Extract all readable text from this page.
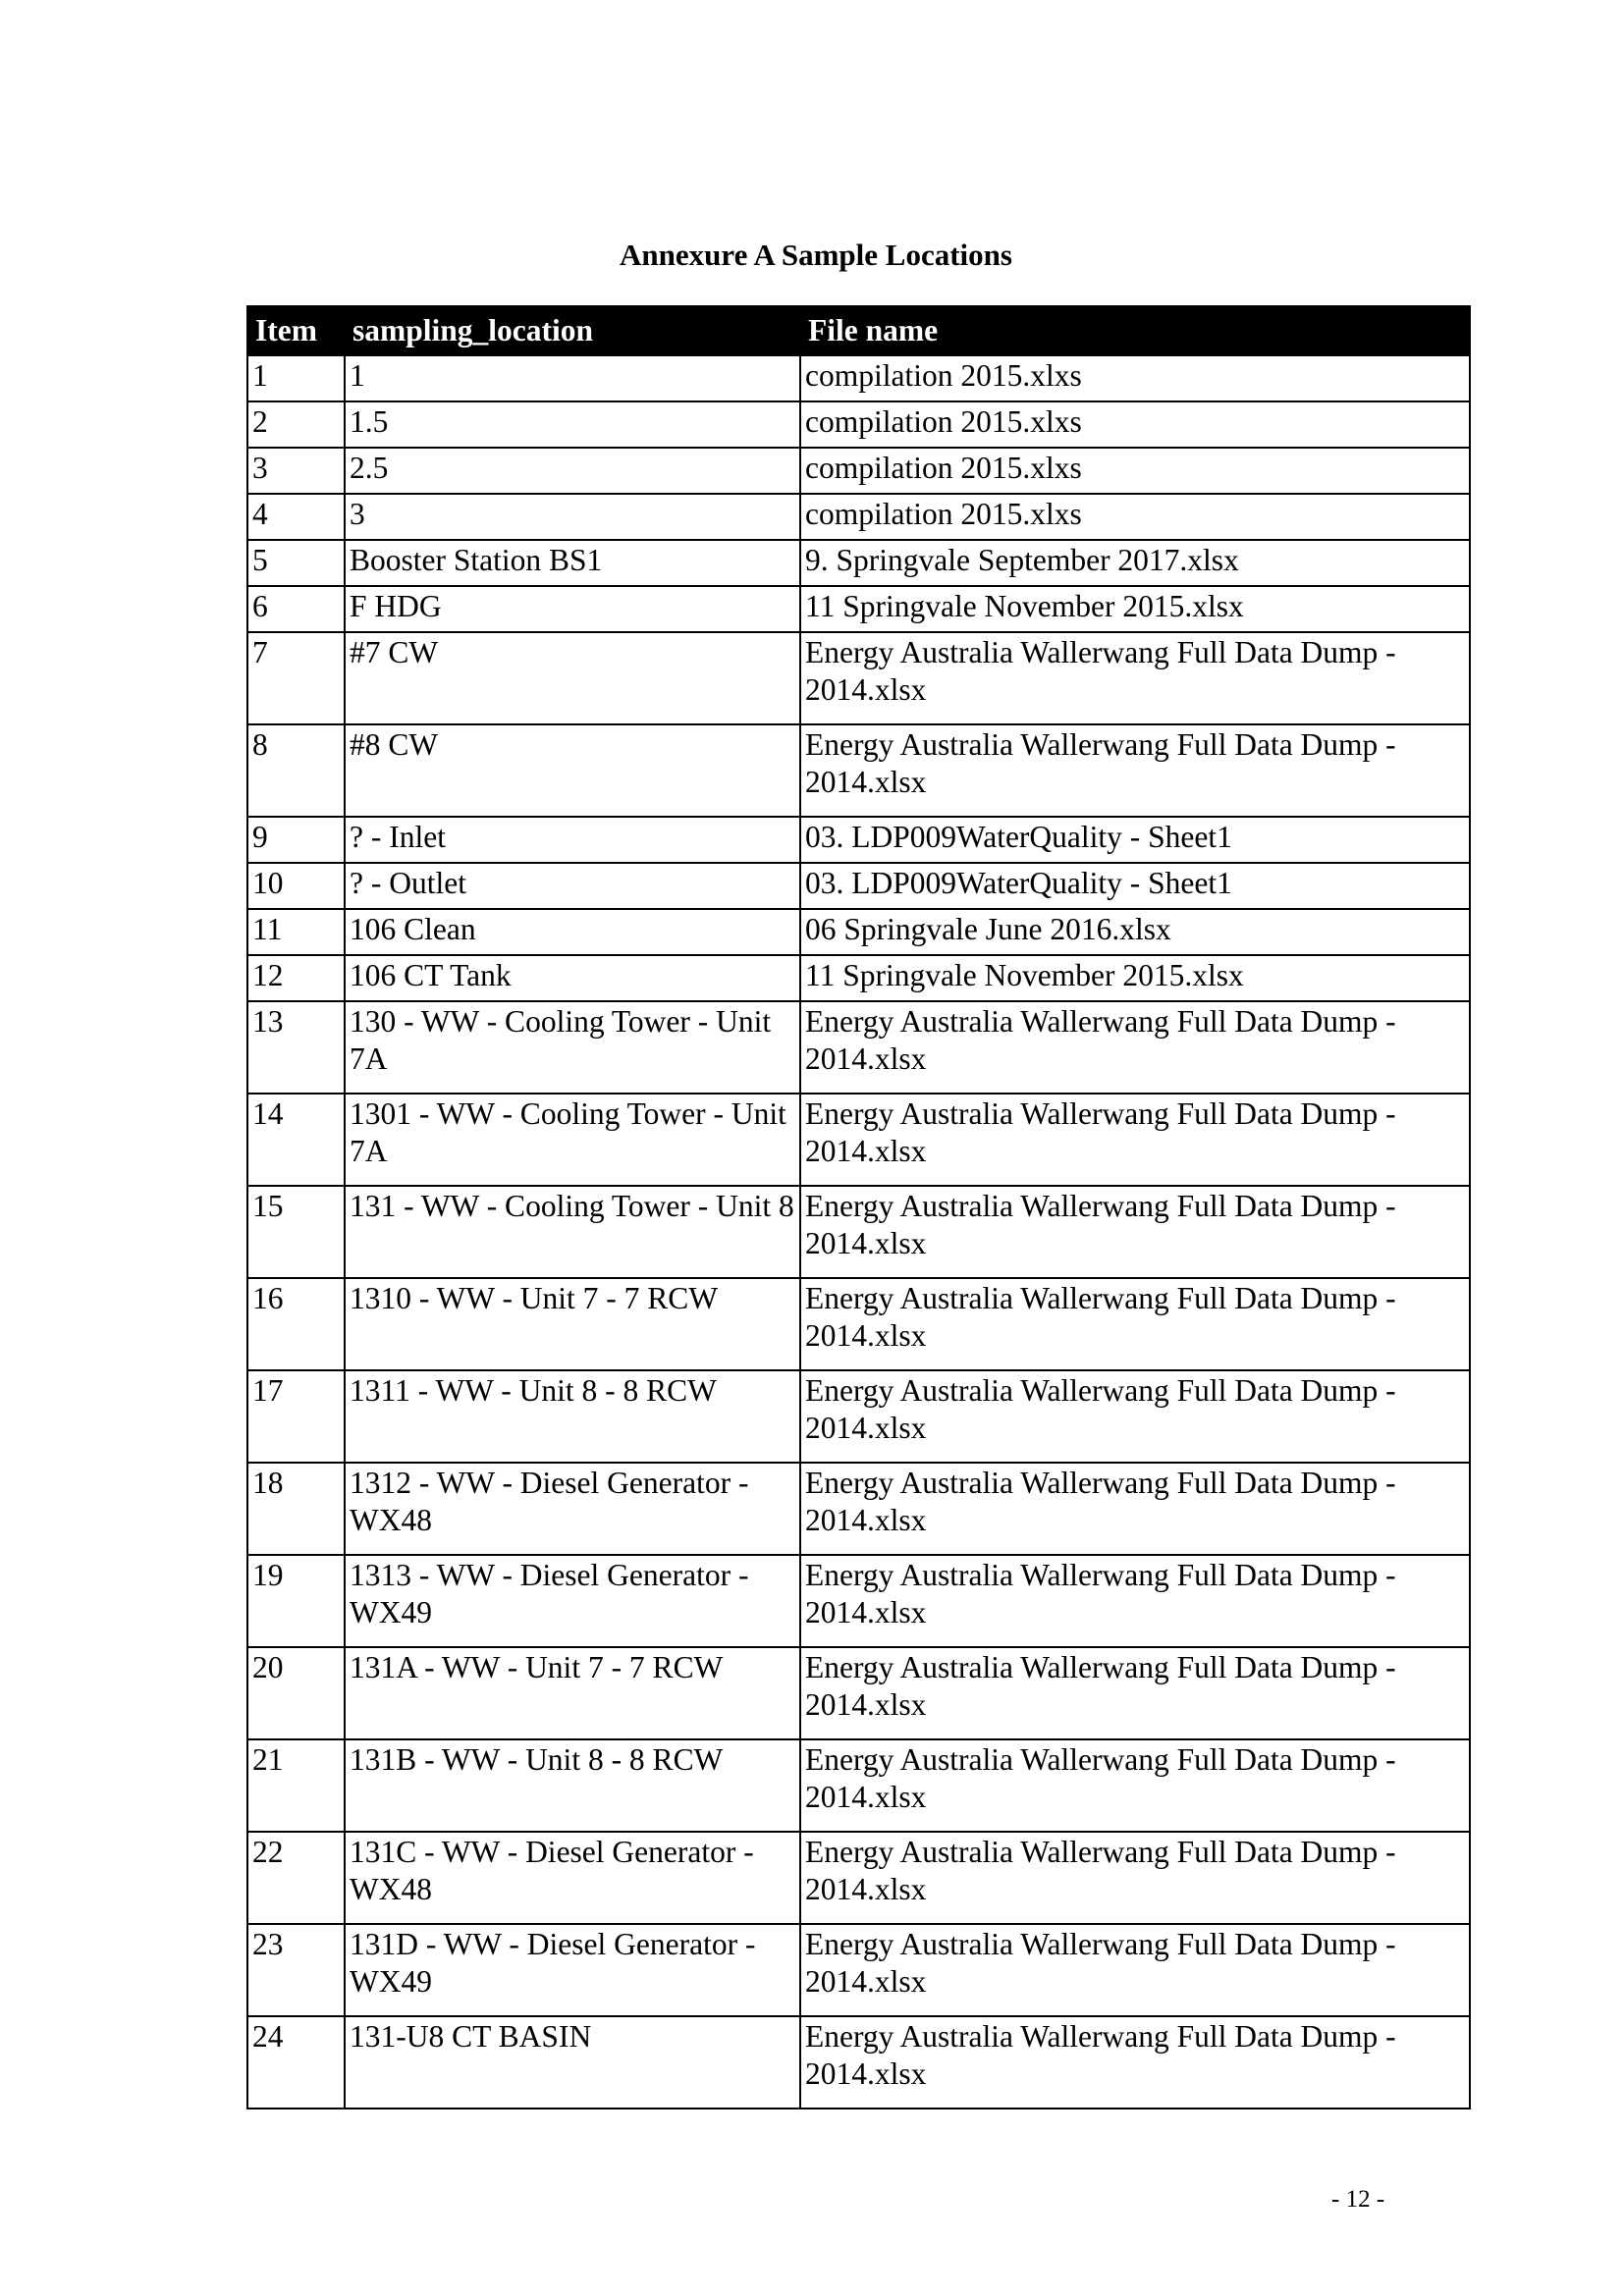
Annexure A Sample Locations
Item	sampling_location	File name
1	1	compilation 2015.xlxs
2	1.5	compilation 2015.xlxs
3	2.5	compilation 2015.xlxs
4	3	compilation 2015.xlxs
5	Booster Station BS1	9. Springvale September 2017.xlsx
6	F HDG	11 Springvale November 2015.xlsx
7	#7 CW	Energy Australia Wallerwang Full Data Dump - 2014.xlsx
8	#8 CW	Energy Australia Wallerwang Full Data Dump - 2014.xlsx
9	? - Inlet	03. LDP009WaterQuality - Sheet1
10	? - Outlet	03. LDP009WaterQuality - Sheet1
11	106 Clean	06 Springvale June 2016.xlsx
12	106 CT Tank	11 Springvale November 2015.xlsx
13	130 - WW - Cooling Tower - Unit 7A	Energy Australia Wallerwang Full Data Dump - 2014.xlsx
14	1301 - WW - Cooling Tower - Unit 7A	Energy Australia Wallerwang Full Data Dump - 2014.xlsx
15	131 - WW - Cooling Tower - Unit 8	Energy Australia Wallerwang Full Data Dump - 2014.xlsx
16	1310 - WW - Unit 7 - 7 RCW	Energy Australia Wallerwang Full Data Dump - 2014.xlsx
17	1311 - WW - Unit 8 - 8 RCW	Energy Australia Wallerwang Full Data Dump - 2014.xlsx
18	1312 - WW - Diesel Generator - WX48	Energy Australia Wallerwang Full Data Dump - 2014.xlsx
19	1313 - WW - Diesel Generator - WX49	Energy Australia Wallerwang Full Data Dump - 2014.xlsx
20	131A - WW - Unit 7 - 7 RCW	Energy Australia Wallerwang Full Data Dump - 2014.xlsx
21	131B - WW - Unit 8 - 8 RCW	Energy Australia Wallerwang Full Data Dump - 2014.xlsx
22	131C - WW - Diesel Generator - WX48	Energy Australia Wallerwang Full Data Dump - 2014.xlsx
23	131D - WW - Diesel Generator - WX49	Energy Australia Wallerwang Full Data Dump - 2014.xlsx
24	131-U8 CT BASIN	Energy Australia Wallerwang Full Data Dump - 2014.xlsx
- 12 -
